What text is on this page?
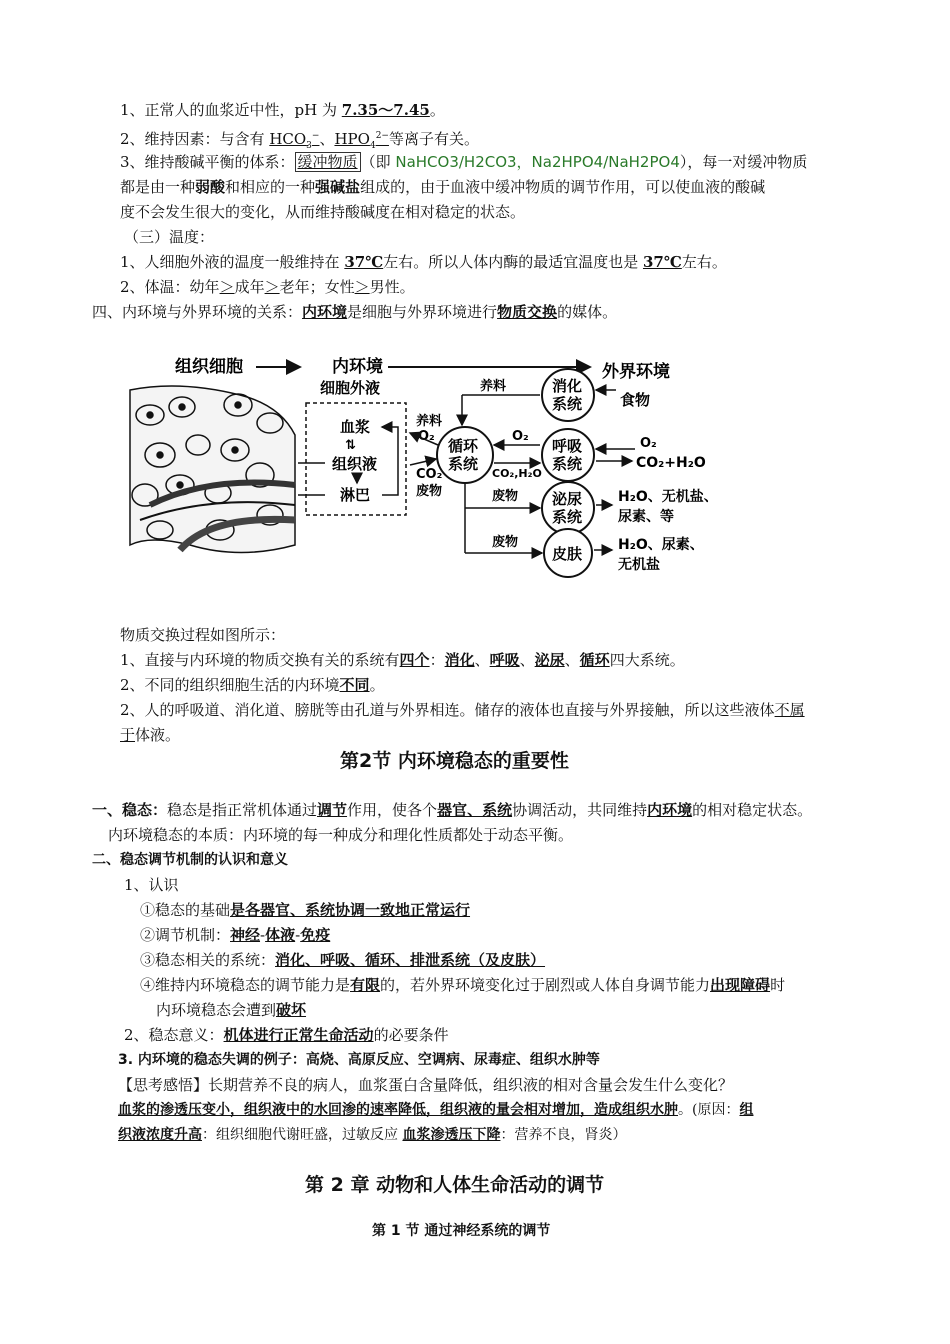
1、正常人的血浆近中性，pH 为 7.35～7.45。
2、维持因素：与含有 $HCO_3^-$、$HPO_4^{2-}$等离子有关。
3、维持酸碱平衡的体系： 缓冲物质 （即 NaHCO3/H2CO3，Na2HPO4/NaH2PO4），每一对缓冲物质
都是由一种弱酸和相应的一种强碱盐组成的，由于血液中缓冲物质的调节作用，可以使血液的酸碱
度不会发生很大的变化，从而维持酸碱度在相对稳定的状态。
（三）温度：
1、人细胞外液的温度一般维持在 37℃左右。所以人体内酶的最适宜温度也是 37℃左右。
2、体温：幼年＞成年＞老年；女性＞男性。
四、内环境与外界环境的关系：内环境是细胞与外界环境进行物质交换的媒体。
组织细胞	内环境	外界环境
细胞外液
血浆
⇅
组织液
淋巴
循环
系统
养料
O₂
CO₂
废物
消化
系统
养料
食物
呼吸
系统
O₂
CO₂,H₂O
O₂
CO₂+H₂O
泌尿
系统
废物	H₂O、无机盐、
尿素、等
皮肤
废物	H₂O、尿素、
无机盐
物质交换过程如图所示：
1、直接与内环境的物质交换有关的系统有四个：消化、呼吸、泌尿、循环四大系统。
2、不同的组织细胞生活的内环境不同。
2、人的呼吸道、消化道、膀胱等由孔道与外界相连。储存的液体也直接与外界接触，所以这些液体不属
于体液。
第2节 内环境稳态的重要性
一、稳态：稳态是指正常机体通过调节作用，使各个器官、系统协调活动，共同维持内环境的相对稳定状态。
内环境稳态的本质：内环境的每一种成分和理化性质都处于动态平衡。
二、稳态调节机制的认识和意义
1、认识
①稳态的基础是各器官、系统协调一致地正常运行
②调节机制：神经-体液-免疫
③稳态相关的系统：消化、呼吸、循环、排泄系统（及皮肤）
④维持内环境稳态的调节能力是有限的，若外界环境变化过于剧烈或人体自身调节能力出现障碍时
内环境稳态会遭到破坏
2、稳态意义：机体进行正常生命活动的必要条件
3. 内环境的稳态失调的例子：高烧、高原反应、空调病、尿毒症、组织水肿等
【思考感悟】长期营养不良的病人，血浆蛋白含量降低，组织液的相对含量会发生什么变化？
血浆的渗透压变小，组织液中的水回渗的速率降低，组织液的量会相对增加，造成组织水肿。(原因：组
织液浓度升高：组织细胞代谢旺盛，过敏反应 血浆渗透压下降：营养不良，肾炎）
第 2 章 动物和人体生命活动的调节
第 1 节 通过神经系统的调节
